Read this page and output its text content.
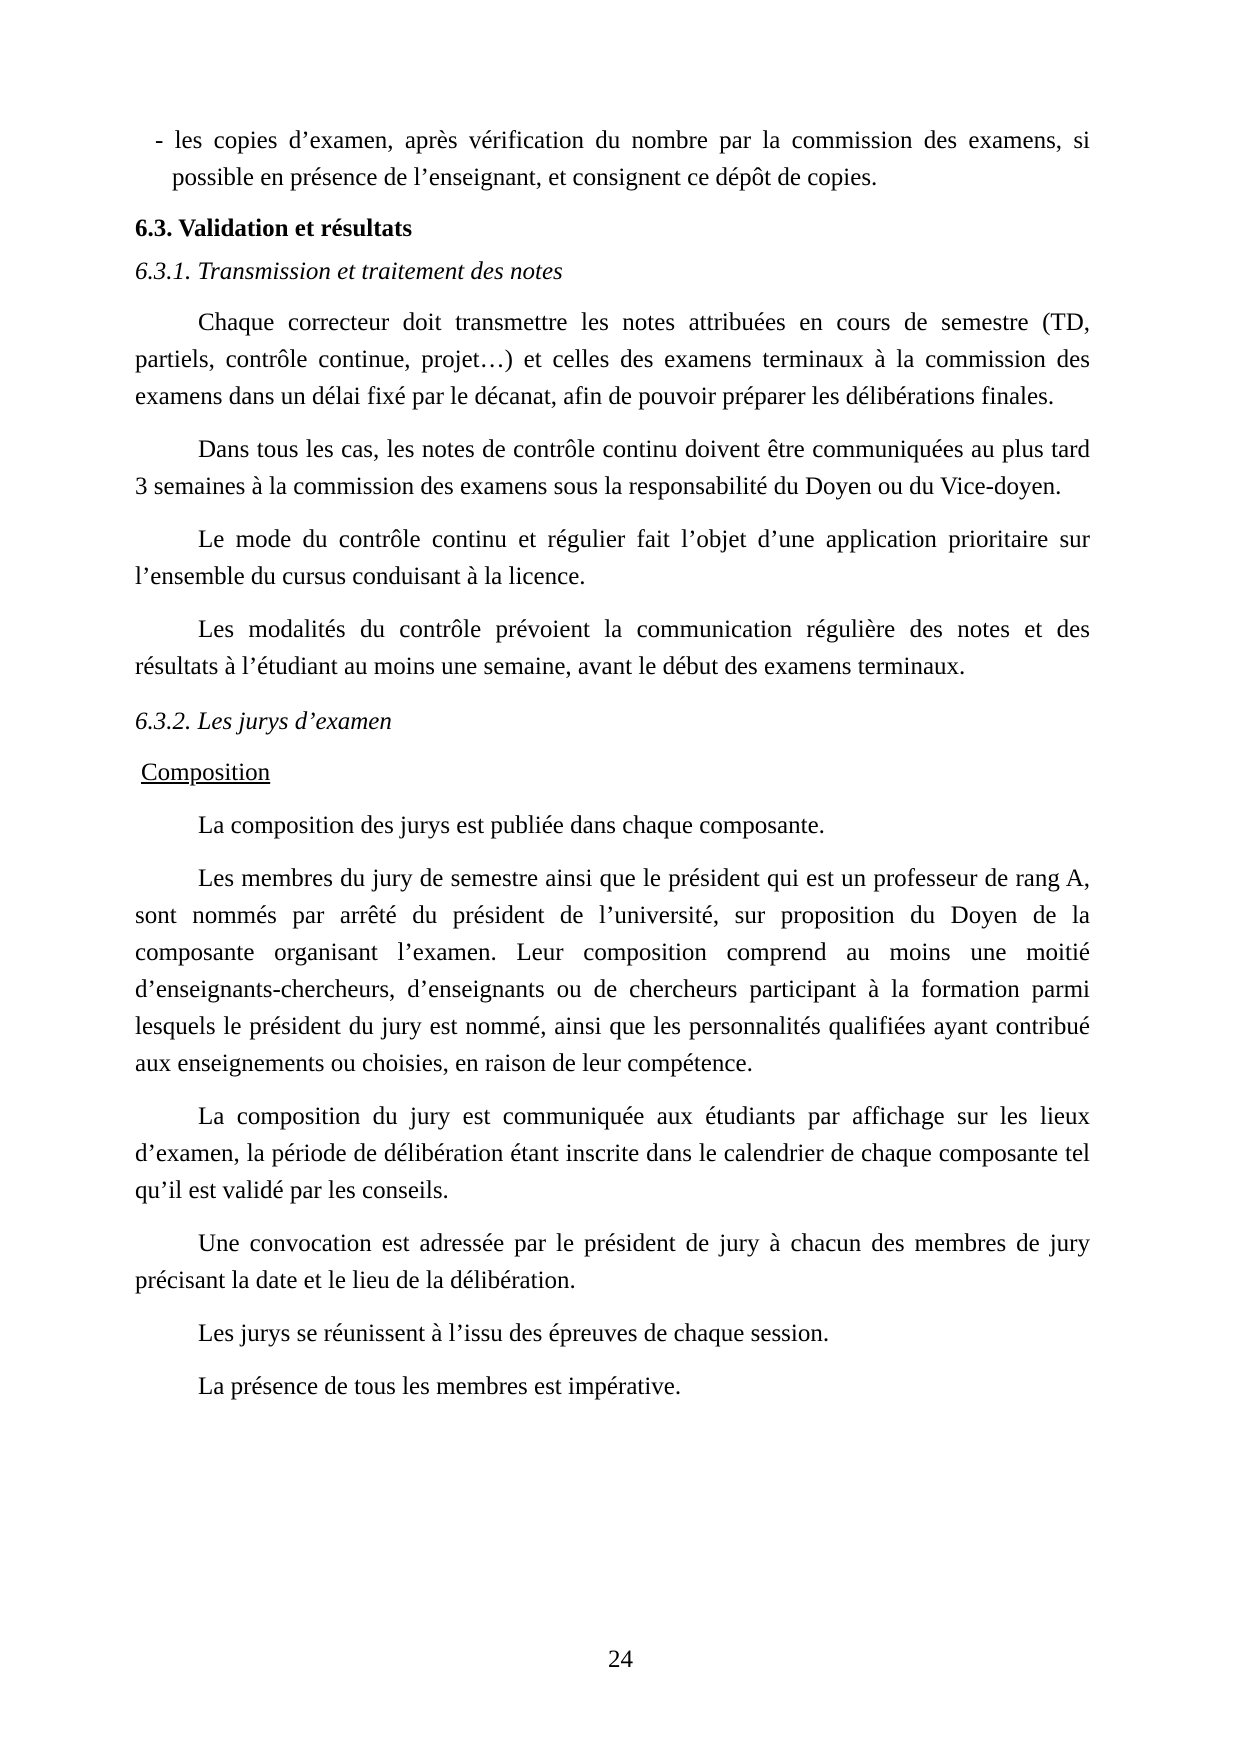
- les copies d’examen, après vérification du nombre par la commission des examens, si possible en présence de l’enseignant, et consignent ce dépôt de copies.
6.3. Validation et résultats
6.3.1. Transmission et traitement des notes

Chaque correcteur doit transmettre les notes attribuées en cours de semestre (TD, partiels, contrôle continue, projet…) et celles des examens terminaux à la commission des examens dans un délai fixé par le décanat, afin de pouvoir préparer les délibérations finales.

Dans tous les cas, les notes de contrôle continu doivent être communiquées au plus tard 3 semaines à la commission des examens sous la responsabilité du Doyen ou du Vice-doyen.

Le mode du contrôle continu et régulier fait l’objet d’une application prioritaire sur l’ensemble du cursus conduisant à la licence.

Les modalités du contrôle prévoient la communication régulière des notes et des résultats à l’étudiant au moins une semaine, avant le début des examens terminaux.

6.3.2. Les jurys d’examen
Composition

La composition des jurys est publiée dans chaque composante.

Les membres du jury de semestre ainsi que le président qui est un professeur de rang A, sont nommés par arrêté du président de l’université, sur proposition du Doyen de la composante organisant l’examen. Leur composition comprend au moins une moitié d’enseignants-chercheurs, d’enseignants ou de chercheurs participant à la formation parmi lesquels le président du jury est nommé, ainsi que les personnalités qualifiées ayant contribué aux enseignements ou choisies, en raison de leur compétence.

La composition du jury est communiquée aux étudiants par affichage sur les lieux d’examen, la période de délibération étant inscrite dans le calendrier de chaque composante tel qu’il est validé par les conseils.

Une convocation est adressée par le président de jury à chacun des membres de jury précisant la date et le lieu de la délibération.

Les jurys se réunissent à l’issu des épreuves de chaque session.

La présence de tous les membres est impérative.

24
